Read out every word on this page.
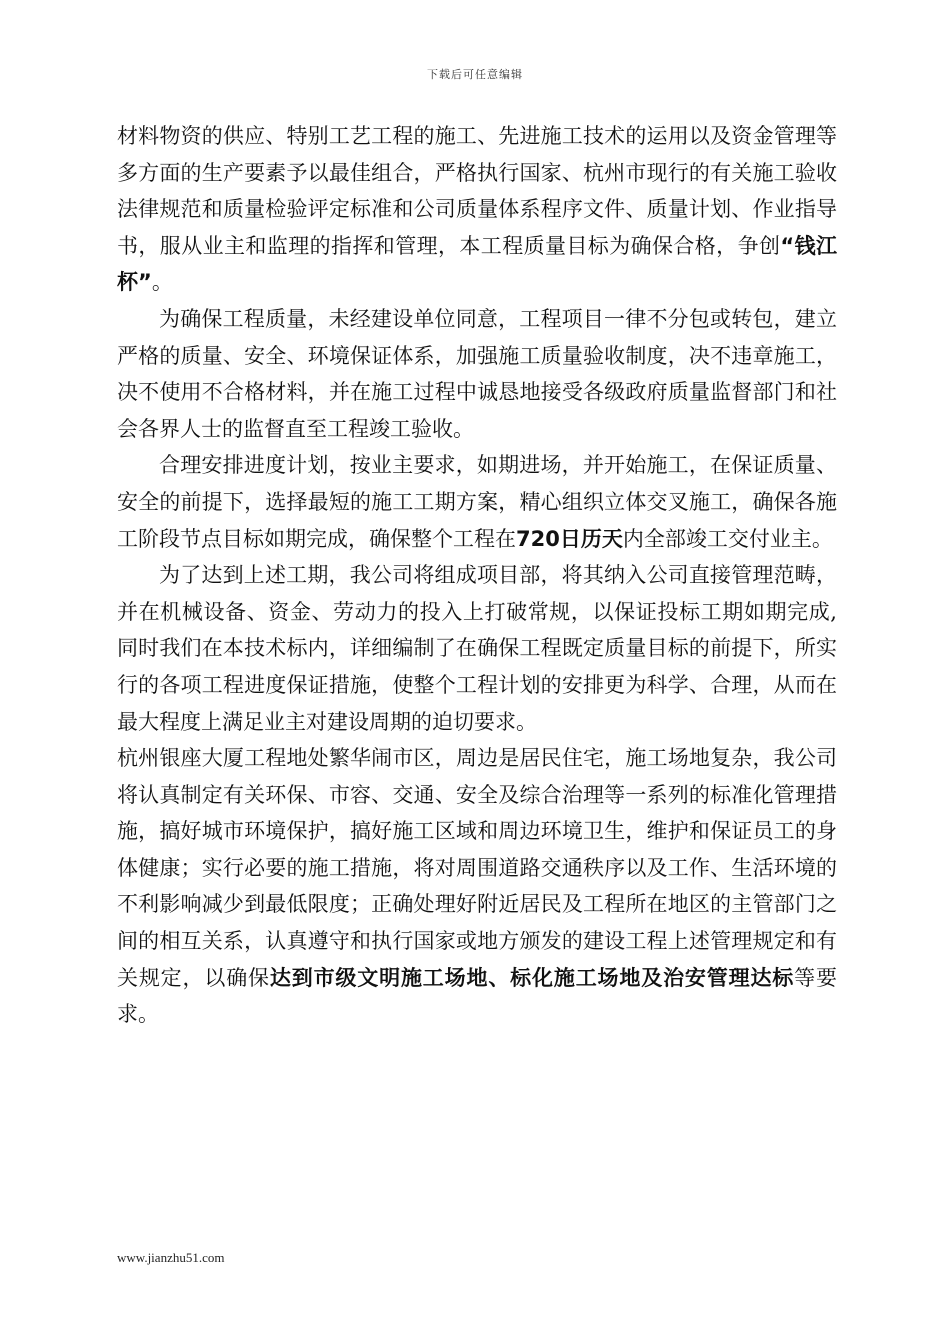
下载后可任意编辑

材料物资的供应、特别工艺工程的施工、先进施工技术的运用以及资金管理等多方面的生产要素予以最佳组合，严格执行国家、杭州市现行的有关施工验收法律规范和质量检验评定标准和公司质量体系程序文件、质量计划、作业指导书，服从业主和监理的指挥和管理，本工程质量目标为确保合格，争创“钱江杯”。

为确保工程质量，未经建设单位同意，工程项目一律不分包或转包，建立严格的质量、安全、环境保证体系，加强施工质量验收制度，决不违章施工，决不使用不合格材料，并在施工过程中诚恳地接受各级政府质量监督部门和社会各界人士的监督直至工程竣工验收。

合理安排进度计划，按业主要求，如期进场，并开始施工，在保证质量、安全的前提下，选择最短的施工工期方案，精心组织立体交叉施工，确保各施工阶段节点目标如期完成，确保整个工程在720日历天内全部竣工交付业主。

为了达到上述工期，我公司将组成项目部，将其纳入公司直接管理范畴，并在机械设备、资金、劳动力的投入上打破常规，以保证投标工期如期完成,同时我们在本技术标内，详细编制了在确保工程既定质量目标的前提下，所实行的各项工程进度保证措施，使整个工程计划的安排更为科学、合理，从而在最大程度上满足业主对建设周期的迫切要求。

杭州银座大厦工程地处繁华闹市区，周边是居民住宅，施工场地复杂，我公司将认真制定有关环保、市容、交通、安全及综合治理等一系列的标准化管理措施，搞好城市环境保护，搞好施工区域和周边环境卫生，维护和保证员工的身体健康；实行必要的施工措施，将对周围道路交通秩序以及工作、生活环境的不利影响减少到最低限度；正确处理好附近居民及工程所在地区的主管部门之间的相互关系，认真遵守和执行国家或地方颁发的建设工程上述管理规定和有关规定，以确保达到市级文明施工场地、标化施工场地及治安管理达标等要求。

www.jianzhu51.com
